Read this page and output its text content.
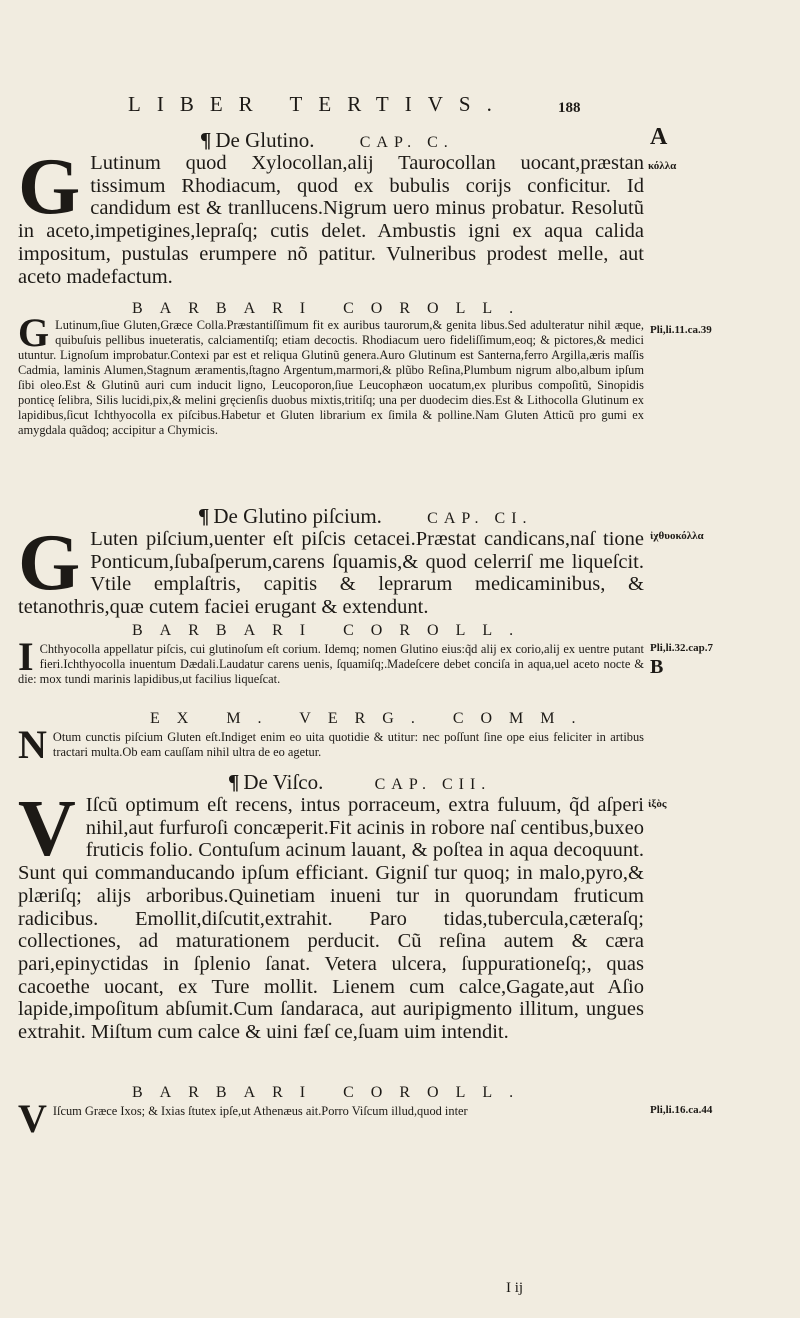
LIBER TERTIVS.	188
¶ De Glutino.	CAP. C.
G Lutinum quod Xylocollan,alij Taurocollan uocant,præstan tissimum Rhodiacum, quod ex bubulis corijs conficitur. Id candidum est & tranllucens.Nigrum uero minus probatur. Resolutũ in aceto,impetigines,lepraſq; cutis delet. Ambustis igni ex aqua calida impositum, pustulas erumpere nõ patitur. Vulneribus prodest melle, aut aceto madefactum.
BARBARI COROLL.
G Lutinum,ſiue Gluten,Græce Colla.Præstantiſſimum fit ex auribus taurorum,& genita libus.Sed adulteratur nihil æque, quibuſuis pellibus inueteratis, calciamentiſq; etiam decoctis. Rhodiacum uero fideliſſimum,eoq; & pictores,& medici utuntur. Lignoſum improbatur.Contexi par est et reliqua Glutinũ genera.Auro Glutinum est Santerna,ferro Argilla,æris maſſis Cadmia, laminis Alumen,Stagnum æramentis,ſtagno Argentum,marmori,& plũbo Reſina,Plumbum nigrum albo,album ipſum ſibi oleo.Est & Glutinũ auri cum inducit ligno, Leucoporon,ſiue Leucophæon uocatum,ex pluribus compoſitũ, Sinopidis ponticę ſelibra, Silis lucidi,pix,& melini gręcienſis duobus mixtis,tritiſq; una per duodecim dies.Est & Lithocolla Glutinum ex lapidibus,ſicut Ichthyocolla ex piſcibus.Habetur et Gluten librarium ex ſimila & polline.Nam Gluten Atticũ pro gumi ex amygdala quãdoq; accipitur a Chymicis.
¶ De Glutino piſcium.	CAP. CI.
G Luten piſcium,uenter eſt piſcis cetacei.Præstat candicans,naſ tione Ponticum,ſubaſperum,carens ſquamis,& quod celerriſ me liqueſcit. Vtile emplaſtris, capitis & leprarum medicaminibus, & tetanothris,quæ cutem faciei erugant & extendunt.
BARBARI COROLL.
I Chthyocolla appellatur piſcis, cui glutinoſum eſt corium. Idemq; nomen Glutino eius:q̃d alij ex corio,alij ex uentre putant fieri.Ichthyocolla inuentum Dædali.Laudatur carens uenis, ſquamiſq;.Madeſcere debet conciſa in aqua,uel aceto nocte & die: mox tundi marinis lapidibus,ut facilius liqueſcat.
EX M. VERG. COMM.
N Otum cunctis piſcium Gluten eſt.Indiget enim eo uita quotidie & utitur: nec poſſunt ſine ope eius feliciter in artibus tractari multa.Ob eam cauſſam nihil ultra de eo agetur.
¶ De Viſco.	CAP. CII.
V Iſcũ optimum eſt recens, intus porraceum, extra fuluum, q̃d aſperi nihil,aut furfuroſi concæperit.Fit acinis in robore naſ centibus,buxeo fruticis folio. Contuſum acinum lauant, & poſtea in aqua decoquunt. Sunt qui commanducando ipſum efficiant. Gigniſ tur quoq; in malo,pyro,& plæriſq; alijs arboribus.Quinetiam inueni tur in quorundam fruticum radicibus. Emollit,diſcutit,extrahit. Paro tidas,tubercula,cæteraſq; collectiones, ad maturationem perducit. Cũ reſina autem & cæra pari,epinyctidas in ſplenio ſanat. Vetera ulcera, ſuppurationeſq;, quas cacoethe uocant, ex Ture mollit. Lienem cum calce,Gagate,aut Aſio lapide,impoſitum abſumit.Cum ſandaraca, aut auripigmento illitum, ungues extrahit. Miſtum cum calce & uini fæſ ce,ſuam uim intendit.
BARBARI COROLL.
V Iſcum Græce Ixos; & Ixias ſtutex ipſe,ut Athenæus ait.Porro Viſcum illud,quod inter
A
κόλλα
Pli,li.11.ca.39
ἰχθυοκόλλα
Pli,li.32.cap.7
B
ἰξὸς
Pli,li.16.ca.44
I ij
